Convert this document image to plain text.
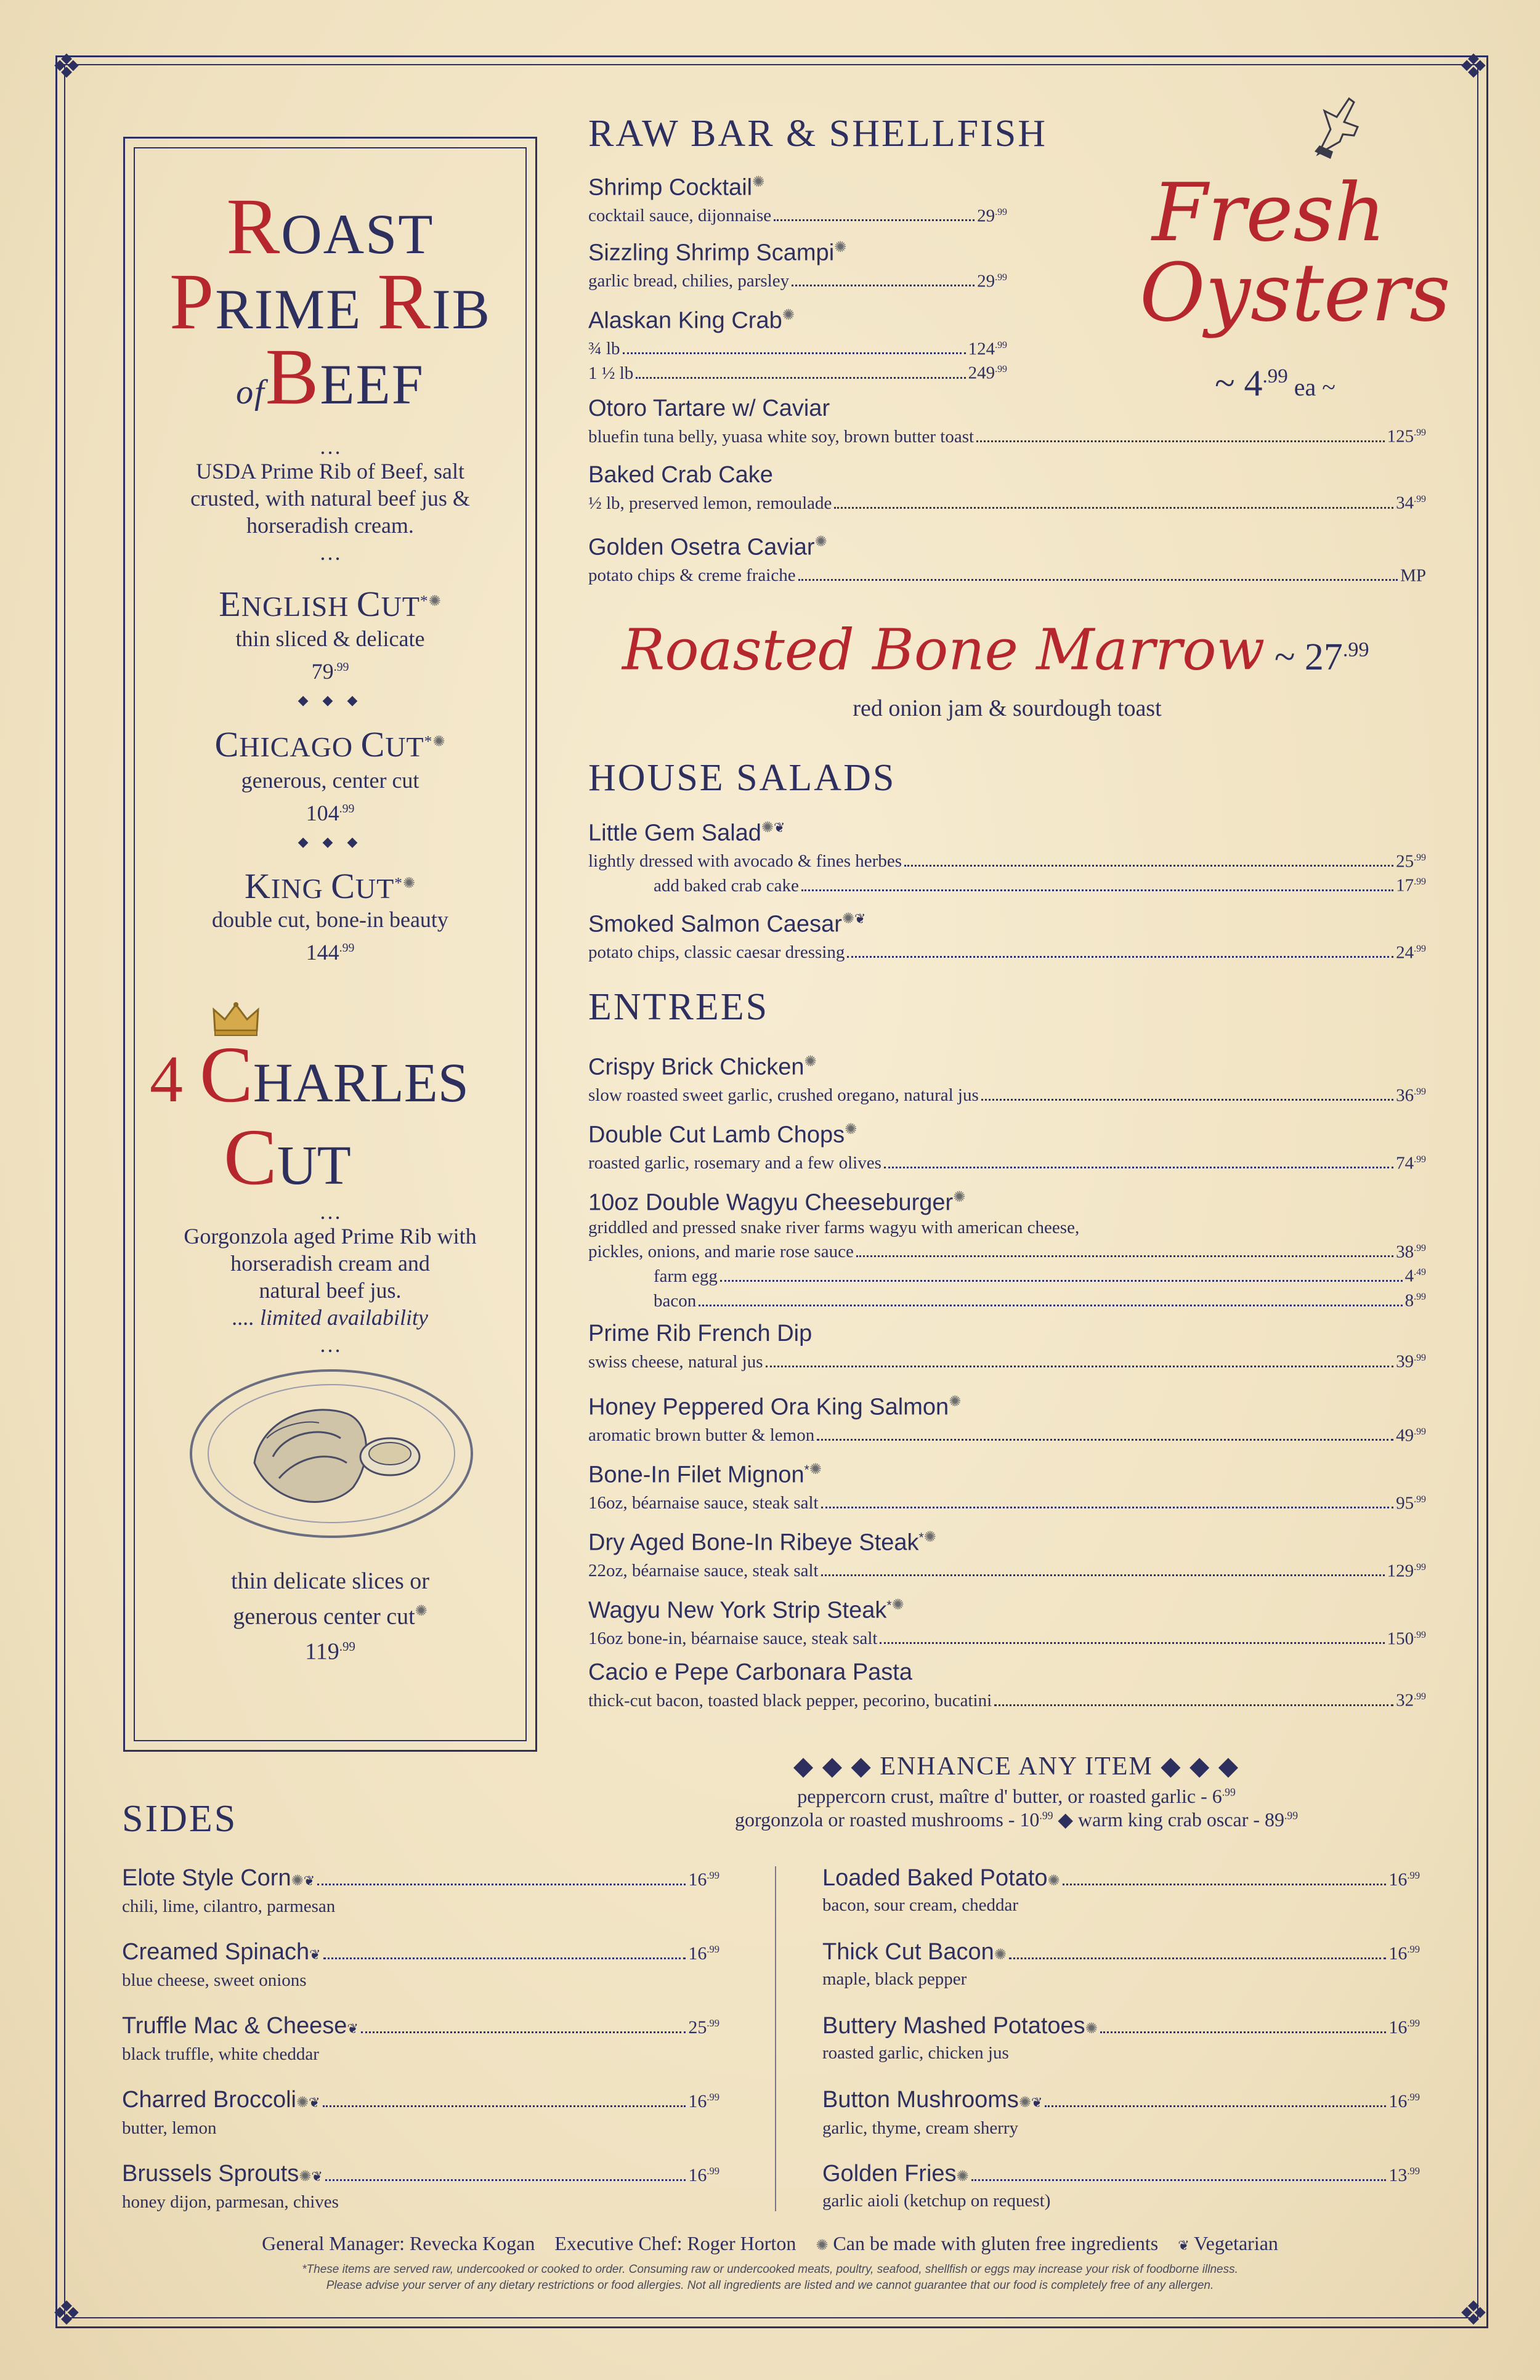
❖	❖
❖	❖
ROAST
PRIME RIB
ofBEEF
…
USDA Prime Rib of Beef, salt
crusted, with natural beef jus &
horseradish cream.
…
ENGLISH CUT*✺
thin sliced & delicate
$79^{.99}$
◆ ◆ ◆
CHICAGO CUT*✺
generous, center cut
$104^{.99}$
◆ ◆ ◆
KING CUT*✺
double cut, bone-in beauty
$144^{.99}$
4 CHARLES
CUT
…
Gorgonzola aged Prime Rib with
horseradish cream and
natural beef jus.
.... limited availability
…
thin delicate slices or
generous center cut✺
$119^{.99}$
RAW BAR & SHELLFISH
Shrimp Cocktail✺
cocktail sauce, dijonnaise	$29^{.99}$
Sizzling Shrimp Scampi✺
garlic bread, chilies, parsley	$29^{.99}$
Alaskan King Crab✺
¾ lb	$124^{.99}$
1 ½ lb	$249^{.99}$
Otoro Tartare w/ Caviar
bluefin tuna belly, yuasa white soy, brown butter toast	$125^{.99}$
Baked Crab Cake
½ lb, preserved lemon, remoulade	$34^{.99}$
Golden Osetra Caviar✺
potato chips & creme fraiche	MP
Fresh
Oysters
~ $4^{.99}$ ea ~
Roasted Bone Marrow ~ $27^{.99}$
red onion jam & sourdough toast
HOUSE SALADS
Little Gem Salad✺❦
lightly dressed with avocado & fines herbes	$25^{.99}$
add baked crab cake	$17^{.99}$
Smoked Salmon Caesar✺❦
potato chips, classic caesar dressing	$24^{.99}$
ENTREES
Crispy Brick Chicken✺
slow roasted sweet garlic, crushed oregano, natural jus	$36^{.99}$
Double Cut Lamb Chops✺
roasted garlic, rosemary and a few olives	$74^{.99}$
10oz Double Wagyu Cheeseburger✺
griddled and pressed snake river farms wagyu with american cheese,
pickles, onions, and marie rose sauce	$38^{.99}$
farm egg	$4^{.49}$
bacon	$8^{.99}$
Prime Rib French Dip
swiss cheese, natural jus	$39^{.99}$
Honey Peppered Ora King Salmon✺
aromatic brown butter & lemon	$49^{.99}$
Bone-In Filet Mignon*✺
16oz, béarnaise sauce, steak salt	$95^{.99}$
Dry Aged Bone-In Ribeye Steak*✺
22oz, béarnaise sauce, steak salt	$129^{.99}$
Wagyu New York Strip Steak*✺
16oz bone-in, béarnaise sauce, steak salt	$150^{.99}$
Cacio e Pepe Carbonara Pasta
thick-cut bacon, toasted black pepper, pecorino, bucatini	$32^{.99}$
◆ ◆ ◆ ENHANCE ANY ITEM ◆ ◆ ◆
peppercorn crust, maître d' butter, or roasted garlic - $6^{.99}$
gorgonzola or roasted mushrooms - $10^{.99}$ ◆ warm king crab oscar - $89^{.99}$
SIDES
Elote Style Corn ✺ ❦	$16^{.99}$
chili, lime, cilantro, parmesan
Creamed Spinach ❦	$16^{.99}$
blue cheese, sweet onions
Truffle Mac & Cheese ❦	$25^{.99}$
black truffle, white cheddar
Charred Broccoli ✺ ❦	$16^{.99}$
butter, lemon
Brussels Sprouts ✺ ❦	$16^{.99}$
honey dijon, parmesan, chives
Loaded Baked Potato ✺	$16^{.99}$
bacon, sour cream, cheddar
Thick Cut Bacon ✺	$16^{.99}$
maple, black pepper
Buttery Mashed Potatoes ✺	$16^{.99}$
roasted garlic, chicken jus
Button Mushrooms ✺ ❦	$16^{.99}$
garlic, thyme, cream sherry
Golden Fries ✺	$13^{.99}$
garlic aioli (ketchup on request)
General Manager: Revecka Kogan Executive Chef: Roger Horton ✺ Can be made with gluten free ingredients ❦ Vegetarian
*These items are served raw, undercooked or cooked to order. Consuming raw or undercooked meats, poultry, seafood, shellfish or eggs may increase your risk of foodborne illness.
Please advise your server of any dietary restrictions or food allergies. Not all ingredients are listed and we cannot guarantee that our food is completely free of any allergen.
